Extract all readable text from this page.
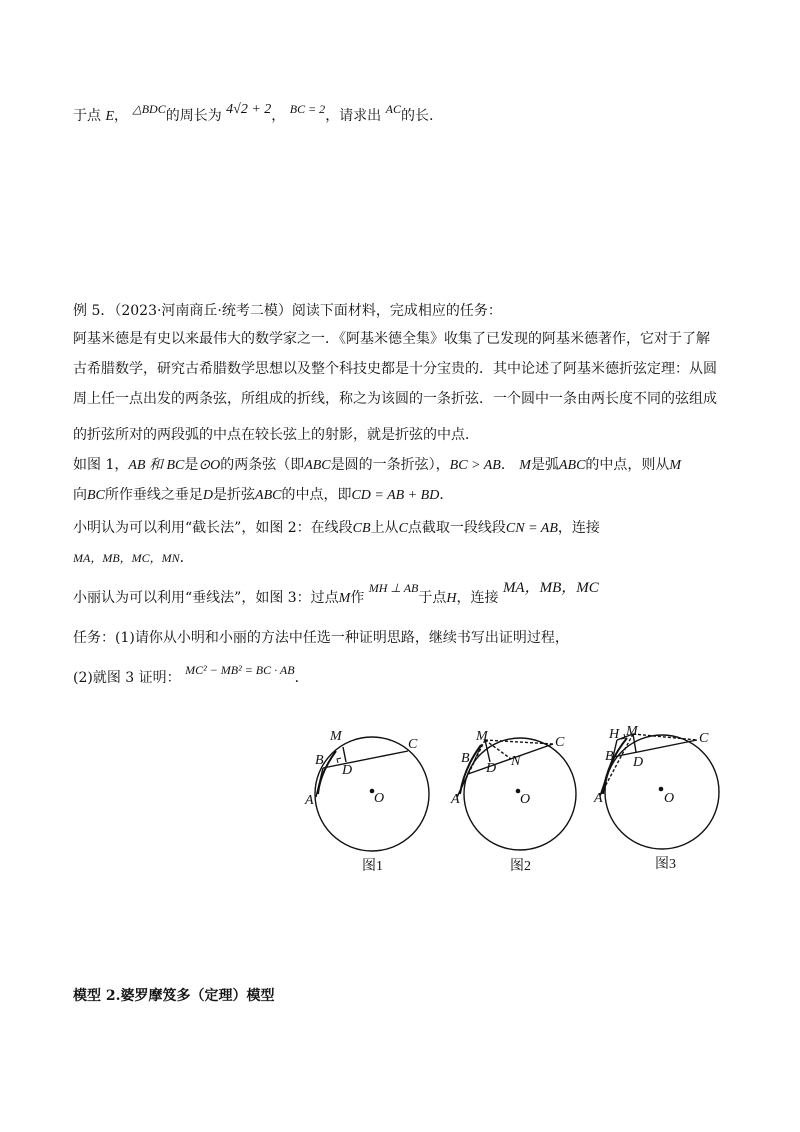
于点 E， △BDC的周长为 4√2 + 2， BC = 2，请求出 AC的长.
例 5．（2023·河南商丘·统考二模）阅读下面材料，完成相应的任务：
阿基米德是有史以来最伟大的数学家之一．《阿基米德全集》收集了已发现的阿基米德著作，它对于了解
古希腊数学，研究古希腊数学思想以及整个科技史都是十分宝贵的．其中论述了阿基米德折弦定理：从圆
周上任一点出发的两条弦，所组成的折线，称之为该圆的一条折弦．一个圆中一条由两长度不同的弦组成
的折弦所对的两段弧的中点在较长弦上的射影，就是折弦的中点．
如图 1，AB 和 BC是⊙O的两条弦（即ABC是圆的一条折弦），BC > AB． M是弧ABC的中点，则从M
向BC所作垂线之垂足D是折弦ABC的中点，即CD = AB + BD．
小明认为可以利用“截长法”，如图 2：在线段CB上从C点截取一段线段CN = AB，连接
MA，MB，MC，MN．
小丽认为可以利用“垂线法”，如图 3：过点M作 MH ⊥ AB于点H，连接 MA，MB，MC
任务：(1)请你从小明和小丽的方法中任选一种证明思路，继续书写出证明过程，
(2)就图 3 证明： MC² − MB² = BC · AB．
M
C
B
D
A	O
图1
M	C
B
D N
A	O
图2
H M	C
B D
A	O
图3
模型 2.婆罗摩笈多（定理）模型
